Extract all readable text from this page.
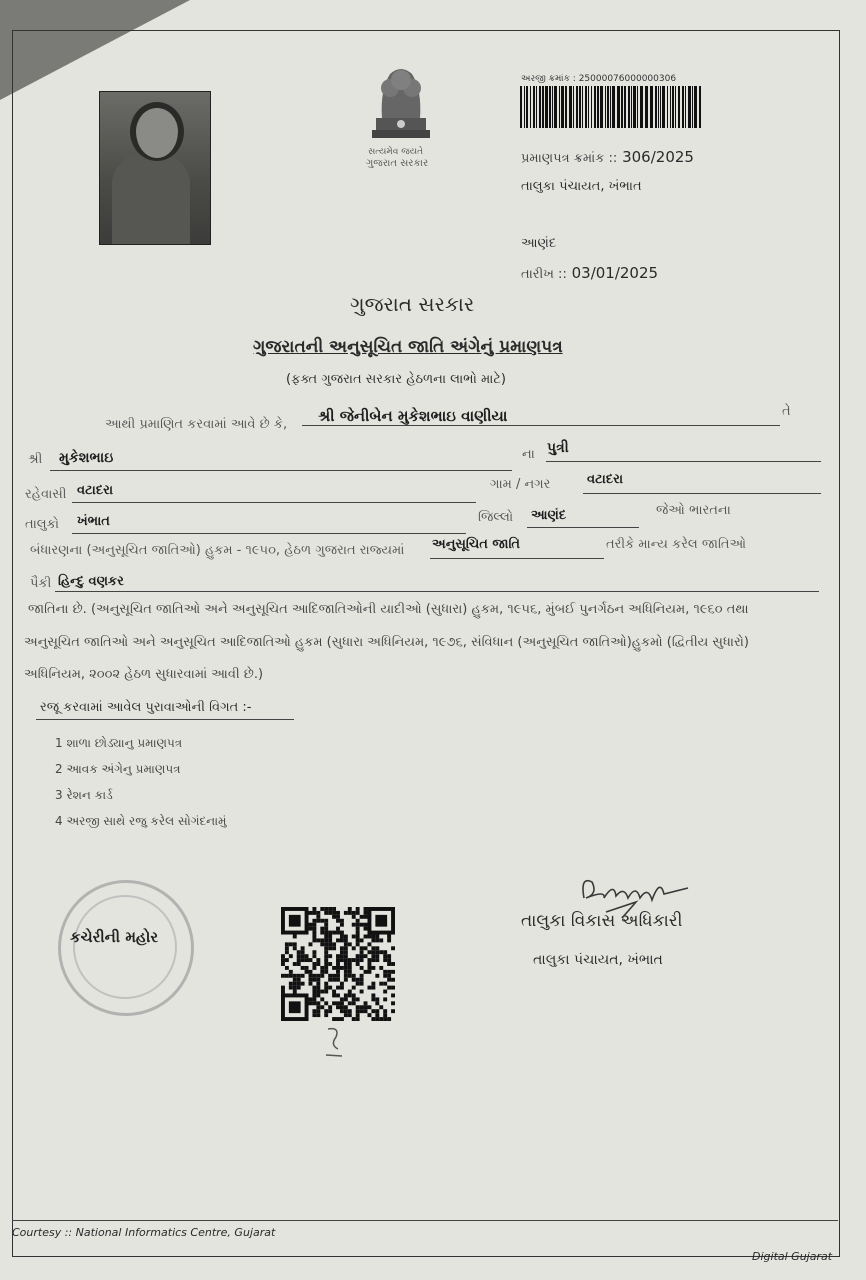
સત્યમેવ જયતે
ગુજરાત સરકાર
અરજી ક્રમાંક : 25000076000000306
પ્રમાણપત્ર ક્રમાંક :: 306/2025
તાલુકા પંચાયત, ખંભાત
આણંદ
તારીખ :: 03/01/2025
ગુજરાત સરકાર
ગુજરાતની અનુસૂચિત જાતિ અંગેનું પ્રમાણપત્ર
(ફક્ત ગુજરાત સરકાર હેઠળના લાભો માટે)
આથી પ્રમાણિત કરવામાં આવે છે કે, શ્રી જેનીબેન મુકેશભાઇ વાણીયા	તે
શ્રી મુકેશભાઇ	ના પુત્રી
રહેવાસી વટાદરા	ગામ / નગર	વટાદરા
તાલુકો ખંભાત	જિલ્લો આણંદ	જેઓ ભારતના
બંધારણના (અનુસૂચિત જાતિઓ) હુકમ - ૧૯૫૦, હેઠળ ગુજરાત રાજ્યમાં અનુસૂચિત જાતિ	તરીકે માન્ય કરેલ જાતિઓ
પૈકી હિન્દુ વણકર
જાતિના છે. (અનુસૂચિત જાતિઓ અને અનુસૂચિત આદિજાતિઓની યાદીઓ (સુધારા) હુકમ, ૧૯૫૬, મુંબઈ પુનર્ગઠન અધિનિયમ, ૧૯૬૦ તથા
અનુસૂચિત જાતિઓ અને અનુસૂચિત આદિજાતિઓ હુકમ (સુધારા અધિનિયમ, ૧૯૭૬, સંવિધાન (અનુસૂચિત જાતિઓ)હુકમો (દ્વિતીય સુધારો)
અધિનિયમ, ૨૦૦૨ હેઠળ સુધારવામાં આવી છે.)
રજૂ કરવામાં આવેલ પુરાવાઓની વિગત :-
1 શાળા છોડ્યાનુ પ્રમાણપત્ર
2 આવક અંગેનુ પ્રમાણપત્ર
3 રેશન કાર્ડ
4 અરજી સાથે રજુ કરેલ સોગંદનામું
કચેરીની મહોર
તાલુકા વિકાસ અધિકારી
તાલુકા પંચાયત, ખંભાત
Courtesy :: National Informatics Centre, Gujarat
Digital Gujarat
